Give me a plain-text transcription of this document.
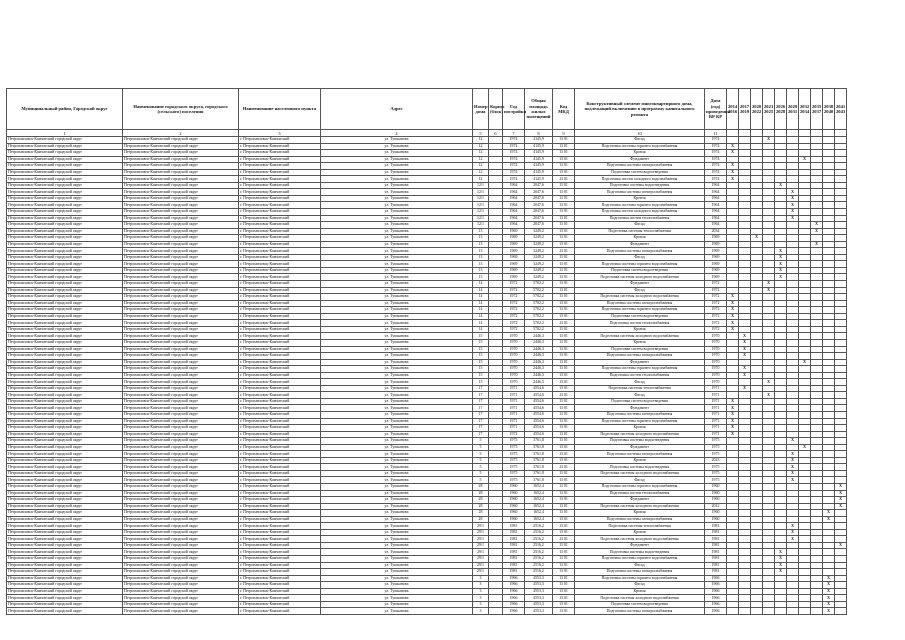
Муниципальный район, Городской округ	Наименование городского округа, городского (сельского) поселения	Наименование населенного пункта	Адрес	Номер дома	Корпус (блок)	Год постройки	Общая площадь жилых помещений	Код МКД	Конструктивный элемент многоквартирного дома, подлежащий включению в программу капитального ремонта	Дата (год) проведения ВР КР	2014 2016	2017 2019	2020 2022	2023 2025	2026 2028	2029 2031	2032 2034	2035 2037	2038 2040	2041 2043
1	2	3	4	5	6	7	8	9	10	11										
Петропавловск-Камчатский городской округ	Петропавловск-Камчатский городской округ	г. Петропавловск-Камчатский	ул. Тушканова	12		1974	4145,9	13 01	Фасад	1974				X						
Петропавловск-Камчатский городской округ	Петропавловск-Камчатский городской округ	г. Петропавловск-Камчатский	ул. Тушканова	12		1974	4145,9	13 01	Подготовка системы горячего водоснабжения	1974	X									
Петропавловск-Камчатский городской округ	Петропавловск-Камчатский городской округ	г. Петропавловск-Камчатский	ул. Тушканова	12		1974	4145,9	13 01	Кровля	1974	X									
Петропавловск-Камчатский городской округ	Петропавловск-Камчатский городской округ	г. Петропавловск-Камчатский	ул. Тушканова	12		1974	4145,9	13 01	Фундамент	1974							X			
Петропавловск-Камчатский городской округ	Петропавловск-Камчатский городской округ	г. Петропавловск-Камчатский	ул. Тушканова	12		1974	4145,9	13 01	Подготовка системы электроснабжения	1974	X									
Петропавловск-Камчатский городской округ	Петропавловск-Камчатский городской округ	г. Петропавловск-Камчатский	ул. Тушканова	12		1974	4145,9	13 01	Подготовка систем водоотведения	1974	X									
Петропавловск-Камчатский городской округ	Петропавловск-Камчатский городской округ	г. Петропавловск-Камчатский	ул. Тушканова	12		1974	4145,9	13 01	Подготовка систем холодного водоснабжения	1974	X									
Петропавловск-Камчатский городской округ	Петропавловск-Камчатский городской округ	г. Петропавловск-Камчатский	ул. Тушканова	12/1		1964	2047,6	13 01	Подготовка системы водоотведения	1964					X					
Петропавловск-Камчатский городской округ	Петропавловск-Камчатский городской округ	г. Петропавловск-Камчатский	ул. Тушканова	12/1		1964	2047,6	13 01	Подготовка системы электроснабжения	1964						X				
Петропавловск-Камчатский городской округ	Петропавловск-Камчатский городской округ	г. Петропавловск-Камчатский	ул. Тушканова	12/1		1964	2047,6	13 01	Кровля	1964						X				
Петропавловск-Камчатский городской округ	Петропавловск-Камчатский городской округ	г. Петропавловск-Камчатский	ул. Тушканова	12/1		1964	2047,6	13 01	Подготовка системы горячего водоснабжения	1964						X				
Петропавловск-Камчатский городской округ	Петропавловск-Камчатский городской округ	г. Петропавловск-Камчатский	ул. Тушканова	12/1		1964	2047,6	13 01	Подготовка систем холодного водоснабжения	1964						X				
Петропавловск-Камчатский городской округ	Петропавловск-Камчатский городской округ	г. Петропавловск-Камчатский	ул. Тушканова	12/1		1964	2047,6	13 01	Подготовка систем теплоснабжения	1964						X				
Петропавловск-Камчатский городской округ	Петропавловск-Камчатский городской округ	г. Петропавловск-Камчатский	ул. Тушканова	12/1		1964	2047,6	13 01	Фасад	1964								X		
Петропавловск-Камчатский городской округ	Петропавловск-Камчатский городской округ	г. Петропавловск-Камчатский	ул. Тушканова	13		1969	3249,2	13 01	Подготовка системы теплоснабжения	2034								X		
Петропавловск-Камчатский городской округ	Петропавловск-Камчатский городской округ	г. Петропавловск-Камчатский	ул. Тушканова	13		1969	3249,2	13 01	Кровля	1969			X							
Петропавловск-Камчатский городской округ	Петропавловск-Камчатский городской округ	г. Петропавловск-Камчатский	ул. Тушканова	13		1969	3249,2	13 01	Фундамент	1969								X		
Петропавловск-Камчатский городской округ	Петропавловск-Камчатский городской округ	г. Петропавловск-Камчатский	ул. Тушканова	13		1969	3249,2	13 01	Подготовка системы электроснабжения	1969					X					
Петропавловск-Камчатский городской округ	Петропавловск-Камчатский городской округ	г. Петропавловск-Камчатский	ул. Тушканова	13		1969	3249,2	13 01	Фасад	1969					X					
Петропавловск-Камчатский городской округ	Петропавловск-Камчатский городской округ	г. Петропавловск-Камчатский	ул. Тушканова	13		1969	3249,2	13 01	Подготовка системы горячего водоснабжения	1969					X					
Петропавловск-Камчатский городской округ	Петропавловск-Камчатский городской округ	г. Петропавловск-Камчатский	ул. Тушканова	13		1969	3249,2	13 01	Подготовка систем водоотведения	1969					X					
Петропавловск-Камчатский городской округ	Петропавловск-Камчатский городской округ	г. Петропавловск-Камчатский	ул. Тушканова	13		1969	3249,2	13 01	Подготовка системы холодного водоснабжения	1969					X					
Петропавловск-Камчатский городской округ	Петропавловск-Камчатский городской округ	г. Петропавловск-Камчатский	ул. Тушканова	14		1972	5702,2	13 01	Фундамент	1972				X						
Петропавловск-Камчатский городской округ	Петропавловск-Камчатский городской округ	г. Петропавловск-Камчатский	ул. Тушканова	14		1972	5702,2	13 01	Фасад	1972				X						
Петропавловск-Камчатский городской округ	Петропавловск-Камчатский городской округ	г. Петропавловск-Камчатский	ул. Тушканова	14		1972	5702,2	13 01	Подготовка системы холодного водоснабжения	1972	X									
Петропавловск-Камчатский городской округ	Петропавловск-Камчатский городской округ	г. Петропавловск-Камчатский	ул. Тушканова	14		1972	5702,2	13 01	Подготовка системы электроснабжения	1972	X									
Петропавловск-Камчатский городской округ	Петропавловск-Камчатский городской округ	г. Петропавловск-Камчатский	ул. Тушканова	14		1972	5702,2	13 01	Подготовка системы горячего водоснабжения	1972	X									
Петропавловск-Камчатский городской округ	Петропавловск-Камчатский городской округ	г. Петропавловск-Камчатский	ул. Тушканова	14		1972	5702,2	13 01	Подготовка систем водоотведения	1972	X									
Петропавловск-Камчатский городской округ	Петропавловск-Камчатский городской округ	г. Петропавловск-Камчатский	ул. Тушканова	14		1972	5702,2	13 01	Подготовка систем теплоснабжения	1972	X									
Петропавловск-Камчатский городской округ	Петропавловск-Камчатский городской округ	г. Петропавловск-Камчатский	ул. Тушканова	14		1972	5702,2	13 01	Кровля	1972	X									
Петропавловск-Камчатский городской округ	Петропавловск-Камчатский городской округ	г. Петропавловск-Камчатский	ул. Тушканова	15		1970	2446,3	13 01	Подготовка системы холодного водоснабжения	1970		X								
Петропавловск-Камчатский городской округ	Петропавловск-Камчатский городской округ	г. Петропавловск-Камчатский	ул. Тушканова	15		1970	2446,3	13 01	Кровля	1970		X								
Петропавловск-Камчатский городской округ	Петропавловск-Камчатский городской округ	г. Петропавловск-Камчатский	ул. Тушканова	15		1970	2446,3	13 01	Подготовка систем водоотведения	1970		X								
Петропавловск-Камчатский городской округ	Петропавловск-Камчатский городской округ	г. Петропавловск-Камчатский	ул. Тушканова	15		1970	2446,3	13 01	Подготовка системы электроснабжения	1970		X								
Петропавловск-Камчатский городской округ	Петропавловск-Камчатский городской округ	г. Петропавловск-Камчатский	ул. Тушканова	15		1970	2446,3	13 01	Фундамент	1970							X			
Петропавловск-Камчатский городской округ	Петропавловск-Камчатский городской округ	г. Петропавловск-Камчатский	ул. Тушканова	15		1970	2446,3	13 01	Подготовка системы горячего водоснабжения	1970		X								
Петропавловск-Камчатский городской округ	Петропавловск-Камчатский городской округ	г. Петропавловск-Камчатский	ул. Тушканова	15		1970	2446,3	13 01	Подготовка систем теплоснабжения	1970		X								
Петропавловск-Камчатский городской округ	Петропавловск-Камчатский городской округ	г. Петропавловск-Камчатский	ул. Тушканова	15		1970	2446,3	13 01	Фасад	1970				X						
Петропавловск-Камчатский городской округ	Петропавловск-Камчатский городской округ	г. Петропавловск-Камчатский	ул. Тушканова	17		1971	4554,6	13 01	Подготовка системы теплоснабжения	1971		X								
Петропавловск-Камчатский городской округ	Петропавловск-Камчатский городской округ	г. Петропавловск-Камчатский	ул. Тушканова	17		1971	4554,6	13 01	Фасад	1971				X						
Петропавловск-Камчатский городской округ	Петропавловск-Камчатский городской округ	г. Петропавловск-Камчатский	ул. Тушканова	17		1971	4554,6	13 01	Подготовка систем водоотведения	1971	X									
Петропавловск-Камчатский городской округ	Петропавловск-Камчатский городской округ	г. Петропавловск-Камчатский	ул. Тушканова	17		1971	4554,6	13 01	Фундамент	1971	X									
Петропавловск-Камчатский городской округ	Петропавловск-Камчатский городской округ	г. Петропавловск-Камчатский	ул. Тушканова	17		1971	4554,6	13 01	Подготовка системы электроснабжения	1971	X									
Петропавловск-Камчатский городской округ	Петропавловск-Камчатский городской округ	г. Петропавловск-Камчатский	ул. Тушканова	17		1971	4554,6	13 01	Подготовка системы горячего водоснабжения	1971	X									
Петропавловск-Камчатский городской округ	Петропавловск-Камчатский городской округ	г. Петропавловск-Камчатский	ул. Тушканова	17		1971	4554,6	13 01	Кровля	1971	X									
Петропавловск-Камчатский городской округ	Петропавловск-Камчатский городской округ	г. Петропавловск-Камчатский	ул. Тушканова	17		1971	4554,6	13 01	Подготовка системы холодного водоснабжения	1971	X									
Петропавловск-Камчатский городской округ	Петропавловск-Камчатский городской округ	г. Петропавловск-Камчатский	ул. Тушканова	5		1975	3761,8	13 01	Подготовка системы водоотведения	1975						X				
Петропавловск-Камчатский городской округ	Петропавловск-Камчатский городской округ	г. Петропавловск-Камчатский	ул. Тушканова	5		1975	3761,8	13 01	Фундамент	1975							X			
Петропавловск-Камчатский городской округ	Петропавловск-Камчатский городской округ	г. Петропавловск-Камчатский	ул. Тушканова	5		1975	3761,8	13 01	Подготовка системы электроснабжения	1975						X				
Петропавловск-Камчатский городской округ	Петропавловск-Камчатский городской округ	г. Петропавловск-Камчатский	ул. Тушканова	5		1975	3761,8	13 01	Кровля	2023						X				
Петропавловск-Камчатский городской округ	Петропавловск-Камчатский городской округ	г. Петропавловск-Камчатский	ул. Тушканова	5		1975	3761,8	13 01	Подготовка системы водоотведения	1975						X				
Петропавловск-Камчатский городской округ	Петропавловск-Камчатский городской округ	г. Петропавловск-Камчатский	ул. Тушканова	5		1975	3761,8	13 01	Подготовка системы холодного водоснабжения	1975						X				
Петропавловск-Камчатский городской округ	Петропавловск-Камчатский городской округ	г. Петропавловск-Камчатский	ул. Тушканова	5		1975	3761,8	13 01	Фасад	1975						X				
Петропавловск-Камчатский городской округ	Петропавловск-Камчатский городской округ	г. Петропавловск-Камчатский	ул. Тушканова	28		1960	1652,4	13 01	Подготовка системы горячего водоснабжения	1960										X
Петропавловск-Камчатский городской округ	Петропавловск-Камчатский городской округ	г. Петропавловск-Камчатский	ул. Тушканова	28		1960	1652,4	13 01	Подготовка систем теплоснабжения	1960										X
Петропавловск-Камчатский городской округ	Петропавловск-Камчатский городской округ	г. Петропавловск-Камчатский	ул. Тушканова	28		1960	1652,4	13 01	Фундамент	1960										X
Петропавловск-Камчатский городской округ	Петропавловск-Камчатский городской округ	г. Петропавловск-Камчатский	ул. Тушканова	28		1960	1652,4	13 01	Подготовка системы холодного водоснабжения	2012										X
Петропавловск-Камчатский городской округ	Петропавловск-Камчатский городской округ	г. Петропавловск-Камчатский	ул. Тушканова	28		1960	1652,4	13 01	Кровля	1960									X	
Петропавловск-Камчатский городской округ	Петропавловск-Камчатский городской округ	г. Петропавловск-Камчатский	ул. Тушканова	28		1960	1652,4	13 01	Подготовка системы электроснабжения	1960									X	
Петропавловск-Камчатский городской округ	Петропавловск-Камчатский городской округ	г. Петропавловск-Камчатский	ул. Тушканова	29/1		1981	2516,2	13 01	Подготовка системы теплоснабжения	1981						X				
Петропавловск-Камчатский городской округ	Петропавловск-Камчатский городской округ	г. Петропавловск-Камчатский	ул. Тушканова	29/1		1981	2516,2	13 01	Кровля	1981						X				
Петропавловск-Камчатский городской округ	Петропавловск-Камчатский городской округ	г. Петропавловск-Камчатский	ул. Тушканова	29/1		1981	2516,2	13 01	Подготовка системы холодного водоснабжения	1981						X				
Петропавловск-Камчатский городской округ	Петропавловск-Камчатский городской округ	г. Петропавловск-Камчатский	ул. Тушканова	29/1		1981	2516,2	13 01	Фундамент	1981										X
Петропавловск-Камчатский городской округ	Петропавловск-Камчатский городской округ	г. Петропавловск-Камчатский	ул. Тушканова	29/1		1981	2516,2	13 01	Подготовка системы водоотведения	1981					X					
Петропавловск-Камчатский городской округ	Петропавловск-Камчатский городской округ	г. Петропавловск-Камчатский	ул. Тушканова	29/1		1981	2516,2	13 01	Подготовка системы горячего водоснабжения	1981					X					
Петропавловск-Камчатский городской округ	Петропавловск-Камчатский городской округ	г. Петропавловск-Камчатский	ул. Тушканова	29/1		1981	2516,2	13 01	Фасад	1981					X					
Петропавловск-Камчатский городской округ	Петропавловск-Камчатский городской округ	г. Петропавловск-Камчатский	ул. Тушканова	29/1		1981	2516,2	13 01	Подготовка системы электроснабжения	1981					X					
Петропавловск-Камчатский городской округ	Петропавловск-Камчатский городской округ	г. Петропавловск-Камчатский	ул. Тушканова	3		1966	4553,3	13 01	Подготовка системы горячего водоснабжения	1966									X	
Петропавловск-Камчатский городской округ	Петропавловск-Камчатский городской округ	г. Петропавловск-Камчатский	ул. Тушканова	3		1966	4553,3	13 01	Фасад	1966									X	
Петропавловск-Камчатский городской округ	Петропавловск-Камчатский городской округ	г. Петропавловск-Камчатский	ул. Тушканова	3		1966	4553,3	13 01	Кровля	1966									X	
Петропавловск-Камчатский городской округ	Петропавловск-Камчатский городской округ	г. Петропавловск-Камчатский	ул. Тушканова	3		1966	4553,3	13 01	Подготовка системы холодного водоснабжения	1966									X	
Петропавловск-Камчатский городской округ	Петропавловск-Камчатский городской округ	г. Петропавловск-Камчатский	ул. Тушканова	3		1966	4553,3	13 01	Подготовка систем водоотведения	1966									X	
Петропавловск-Камчатский городской округ	Петропавловск-Камчатский городской округ	г. Петропавловск-Камчатский	ул. Тушканова	3		1966	4553,3	13 01	Подготовка системы электроснабжения	1966									X	
